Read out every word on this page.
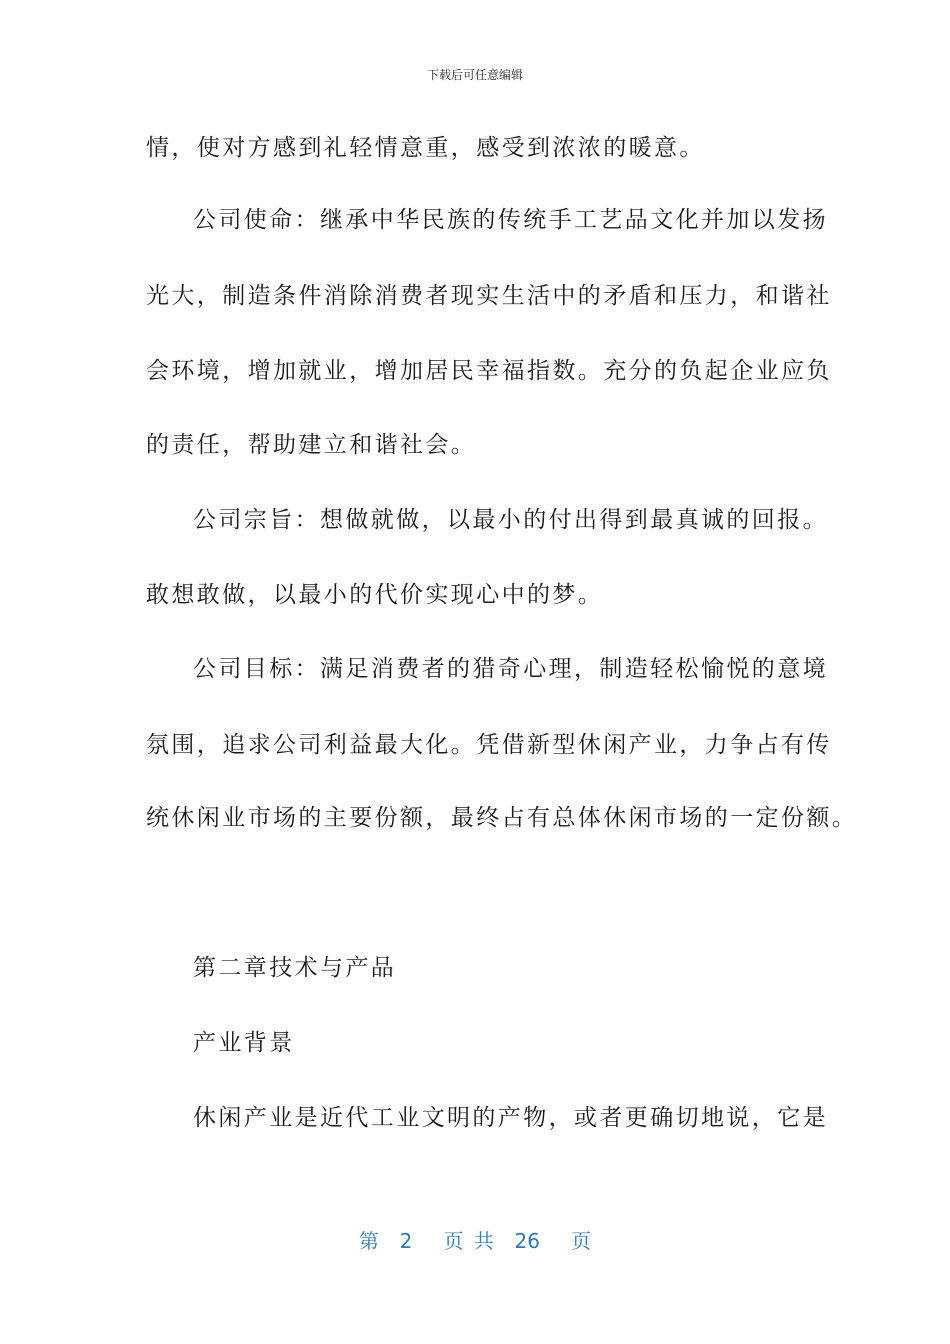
下载后可任意编辑
情，使对方感到礼轻情意重，感受到浓浓的暖意。
公司使命：继承中华民族的传统手工艺品文化并加以发扬
光大，制造条件消除消费者现实生活中的矛盾和压力，和谐社
会环境，增加就业，增加居民幸福指数。充分的负起企业应负
的责任，帮助建立和谐社会。
公司宗旨：想做就做，以最小的付出得到最真诚的回报。
敢想敢做，以最小的代价实现心中的梦。
公司目标：满足消费者的猎奇心理，制造轻松愉悦的意境
氛围，追求公司利益最大化。凭借新型休闲产业，力争占有传
统休闲业市场的主要份额，最终占有总体休闲市场的一定份额。
第二章技术与产品
产业背景
休闲产业是近代工业文明的产物，或者更确切地说，它是
第 2 页 共 26 页
